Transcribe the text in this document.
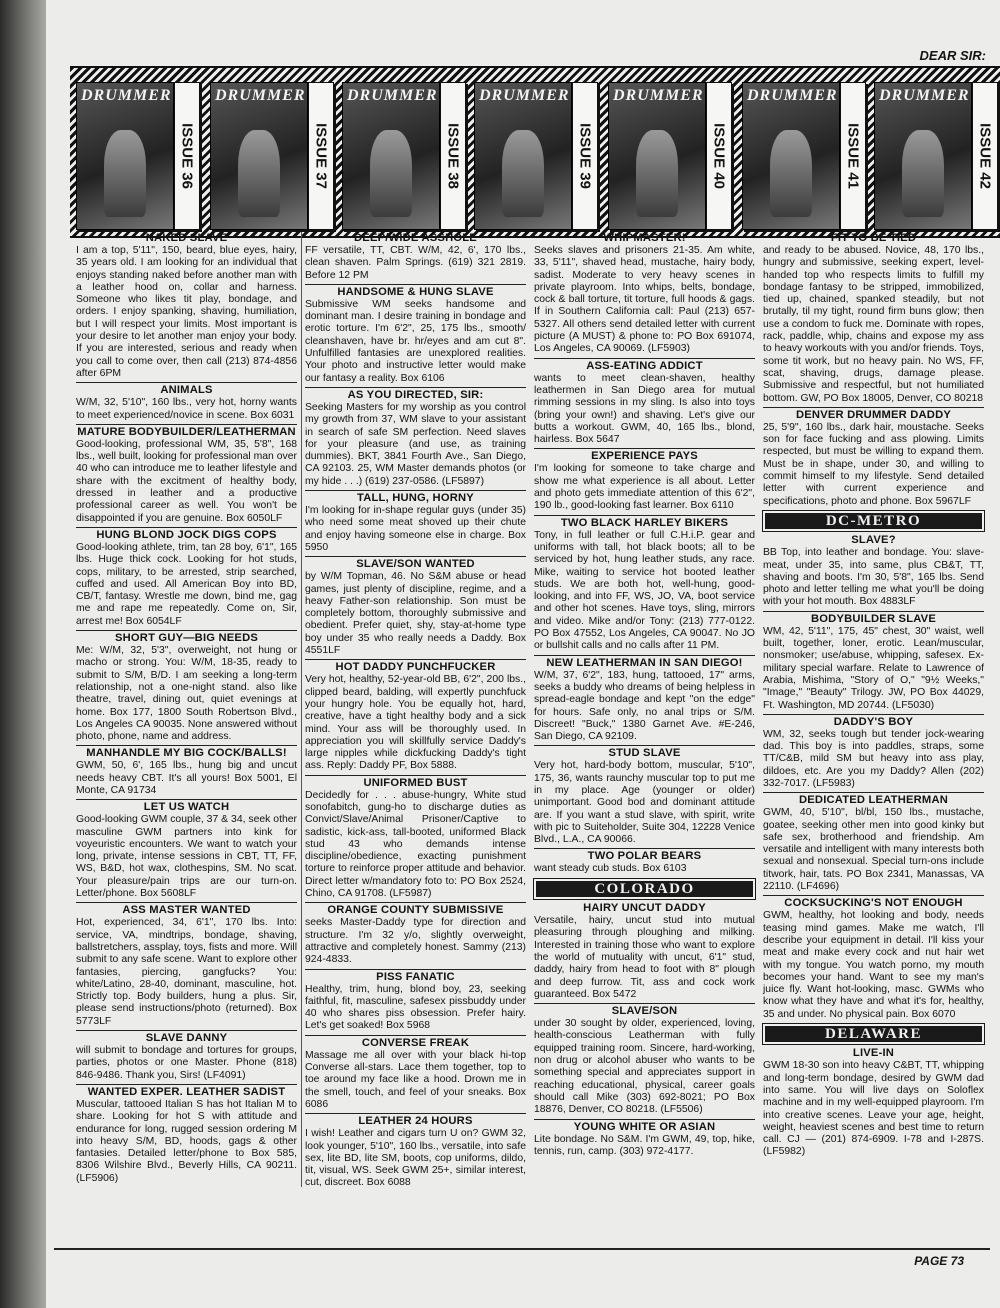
DEAR SIR:
DRUMMER
ISSUE 36
DRUMMER
ISSUE 37
DRUMMER
ISSUE 38
DRUMMER
ISSUE 39
DRUMMER
ISSUE 40
DRUMMER
ISSUE 41
DRUMMER
ISSUE 42
NAKED SLAVE

I am a top, 5'11", 150, beard, blue eyes, hairy, 35 years old. I am looking for an individual that enjoys standing naked before another man with a leather hood on, collar and harness. Someone who likes tit play, bondage, and orders. I enjoy spanking, shaving, humiliation, but I will respect your limits. Most important is your desire to let another man enjoy your body. If you are interested, serious and ready when you call to come over, then call (213) 874-4856 after 6PM

ANIMALS

W/M, 32, 5'10", 160 lbs., very hot, horny wants to meet experienced/novice in scene. Box 6031

MATURE BODYBUILDER/LEATHERMAN

Good-looking, professional WM, 35, 5'8", 168 lbs., well built, looking for professional man over 40 who can introduce me to leather lifestyle and share with the excitment of healthy body, dressed in leather and a productive professional career as well. You won't be disappointed if you are genuine. Box 6050LF

HUNG BLOND JOCK DIGS COPS

Good-looking athlete, trim, tan 28 boy, 6'1", 165 lbs. Huge thick cock. Looking for hot studs, cops, military, to be arrested, strip searched, cuffed and used. All American Boy into BD, CB/T, fantasy. Wrestle me down, bind me, gag me and rape me repeatedly. Come on, Sir, arrest me! Box 6054LF

SHORT GUY—BIG NEEDS

Me: W/M, 32, 5'3", overweight, not hung or macho or strong. You: W/M, 18-35, ready to submit to S/M, B/D. I am seeking a long-term relationship, not a one-night stand. also like theatre, travel, dining out, quiet evenings at home. Box 177, 1800 South Robertson Blvd., Los Angeles CA 90035. None answered without photo, phone, name and address.

MANHANDLE MY BIG COCK/BALLS!

GWM, 50, 6', 165 lbs., hung big and uncut needs heavy CBT. It's all yours! Box 5001, El Monte, CA 91734

LET US WATCH

Good-looking GWM couple, 37 & 34, seek other masculine GWM partners into kink for voyeuristic encounters. We want to watch your long, private, intense sessions in CBT, TT, FF, WS, B&D, hot wax, clothespins, SM. No scat. Your pleasure/pain trips are our turn-on. Letter/phone. Box 5608LF

ASS MASTER WANTED

Hot, experienced, 34, 6'1", 170 lbs. Into: service, VA, mindtrips, bondage, shaving, ballstretchers, assplay, toys, fists and more. Will submit to any safe scene. Want to explore other fantasies, piercing, gangfucks? You: white/Latino, 28-40, dominant, masculine, hot. Strictly top. Body builders, hung a plus. Sir, please send instructions/photo (returned). Box 5773LF

SLAVE DANNY

will submit to bondage and tortures for groups, parties, photos or one Master. Phone (818) 846-9486. Thank you, Sirs! (LF4091)

WANTED EXPER. LEATHER SADIST

Muscular, tattooed Italian S has hot Italian M to share. Looking for hot S with attitude and endurance for long, rugged session ordering M into heavy S/M, BD, hoods, gags & other fantasies. Detailed letter/phone to Box 585, 8306 Wilshire Blvd., Beverly Hills, CA 90211. (LF5906)

DEEP/WIDE ASSHOLE

FF versatile, TT, CBT. W/M, 42, 6', 170 lbs., clean shaven. Palm Springs. (619) 321 2819. Before 12 PM

HANDSOME & HUNG SLAVE

Submissive WM seeks handsome and dominant man. I desire training in bondage and erotic torture. I'm 6'2", 25, 175 lbs., smooth/ cleanshaven, have br. hr/eyes and am cut 8". Unfulfilled fantasies are unexplored realities. Your photo and instructive letter would make our fantasy a reality. Box 6106

AS YOU DIRECTED, SIR:

Seeking Masters for my worship as you control my growth from 37, WM slave to your assistant in search of safe SM perfection. Need slaves for your pleasure (and use, as training dummies). BKT, 3841 Fourth Ave., San Diego, CA 92103. 25, WM Master demands photos (or my hide . . .) (619) 237-0586. (LF5897)

TALL, HUNG, HORNY

I'm looking for in-shape regular guys (under 35) who need some meat shoved up their chute and enjoy having someone else in charge. Box 5950

SLAVE/SON WANTED

by W/M Topman, 46. No S&M abuse or head games, just plenty of discipline, regime, and a heavy Father-son relationship. Son must be completely bottom, thoroughly submissive and obedient. Prefer quiet, shy, stay-at-home type boy under 35 who really needs a Daddy. Box 4551LF

HOT DADDY PUNCHFUCKER

Very hot, healthy, 52-year-old BB, 6'2", 200 lbs., clipped beard, balding, will expertly punchfuck your hungry hole. You be equally hot, hard, creative, have a tight healthy body and a sick mind. Your ass will be thoroughly used. In appreciation you will skillfully service Daddy's large nipples while dickfucking Daddy's tight ass. Reply: Daddy PF, Box 5888.

UNIFORMED BUST

Decidedly for . . . abuse-hungry, White stud sonofabitch, gung-ho to discharge duties as Convict/Slave/Animal Prisoner/Captive to sadistic, kick-ass, tall-booted, uniformed Black stud 43 who demands intense discipline/obedience, exacting punishment torture to reinforce proper attitude and behavior. Direct letter w/mandatory foto to: PO Box 2524, Chino, CA 91708. (LF5987)

ORANGE COUNTY SUBMISSIVE

seeks Master-Daddy type for direction and structure. I'm 32 y/o, slightly overweight, attractive and completely honest. Sammy (213) 924-4833.

PISS FANATIC

Healthy, trim, hung, blond boy, 23, seeking faithful, fit, masculine, safesex pissbuddy under 40 who shares piss obsession. Prefer hairy. Let's get soaked! Box 5968

CONVERSE FREAK

Massage me all over with your black hi-top Converse all-stars. Lace them together, top to toe around my face like a hood. Drown me in the smell, touch, and feel of your sneaks. Box 6086

LEATHER 24 HOURS

I wish! Leather and cigars turn U on? GWM 32, look younger, 5'10", 160 lbs., versatile, into safe sex, lite BD, lite SM, boots, cop uniforms, dildo, tit, visual, WS. Seek GWM 25+, similar interest, cut, discreet. Box 6088

WHIPMASTER!

Seeks slaves and prisoners 21-35. Am white, 33, 5'11", shaved head, mustache, hairy body, sadist. Moderate to very heavy scenes in private playroom. Into whips, belts, bondage, cock & ball torture, tit torture, full hoods & gags. If in Southern California call: Paul (213) 657-5327. All others send detailed letter with current picture (A MUST) & phone to: PO Box 691074, Los Angeles, CA 90069. (LF5903)

ASS-EATING ADDICT

wants to meet clean-shaven, healthy leathermen in San Diego area for mutual rimming sessions in my sling. Is also into toys (bring your own!) and shaving. Let's give our butts a workout. GWM, 40, 165 lbs., blond, hairless. Box 5647

EXPERIENCE PAYS

I'm looking for someone to take charge and show me what experience is all about. Letter and photo gets immediate attention of this 6'2", 190 lb., good-looking fast learner. Box 6110

TWO BLACK HARLEY BIKERS

Tony, in full leather or full C.H.i.P. gear and uniforms with tall, hot black boots; all to be serviced by hot, hung leather studs, any race. Mike, waiting to service hot booted leather studs. We are both hot, well-hung, good-looking, and into FF, WS, JO, VA, boot service and other hot scenes. Have toys, sling, mirrors and video. Mike and/or Tony: (213) 777-0122. PO Box 47552, Los Angeles, CA 90047. No JO or bullshit calls and no calls after 11 PM.

NEW LEATHERMAN IN SAN DIEGO!

W/M, 37, 6'2", 183, hung, tattooed, 17" arms, seeks a buddy who dreams of being helpless in spread-eagle bondage and kept "on the edge" for hours. Safe only, no anal trips or S/M. Discreet! "Buck," 1380 Garnet Ave. #E-246, San Diego, CA 92109.

STUD SLAVE

Very hot, hard-body bottom, muscular, 5'10", 175, 36, wants raunchy muscular top to put me in my place. Age (younger or older) unimportant. Good bod and dominant attitude are. If you want a stud slave, with spirit, write with pic to Suiteholder, Suite 304, 12228 Venice Blvd., L.A., CA 90066.

TWO POLAR BEARS

want steady cub studs. Box 6103

COLORADO
HAIRY UNCUT DADDY

Versatile, hairy, uncut stud into mutual pleasuring through ploughing and milking. Interested in training those who want to explore the world of mutuality with uncut, 6'1" stud, daddy, hairy from head to foot with 8" plough and deep furrow. Tit, ass and cock work guaranteed. Box 5472

SLAVE/SON

under 30 sought by older, experienced, loving, health-conscious Leatherman with fully equipped training room. Sincere, hard-working, non drug or alcohol abuser who wants to be something special and appreciates support in reaching educational, physical, career goals should call Mike (303) 692-8021; PO Box 18876, Denver, CO 80218. (LF5506)

YOUNG WHITE OR ASIAN

Lite bondage. No S&M. I'm GWM, 49, top, hike, tennis, run, camp. (303) 972-4177.

FIT TO BE TIED

and ready to be abused. Novice, 48, 170 lbs., hungry and submissive, seeking expert, level-handed top who respects limits to fulfill my bondage fantasy to be stripped, immobilized, tied up, chained, spanked steadily, but not brutally, til my tight, round firm buns glow; then use a condom to fuck me. Dominate with ropes, rack, paddle, whip, chains and expose my ass to heavy workouts with you and/or friends. Toys, some tit work, but no heavy pain. No WS, FF, scat, shaving, drugs, damage please. Submissive and respectful, but not humiliated bottom. GW, PO Box 18005, Denver, CO 80218

DENVER DRUMMER DADDY

25, 5'9", 160 lbs., dark hair, moustache. Seeks son for face fucking and ass plowing. Limits respected, but must be willing to expand them. Must be in shape, under 30, and willing to commit himself to my lifestyle. Send detailed letter with current experience and specifications, photo and phone. Box 5967LF

DC-METRO
SLAVE?

BB Top, into leather and bondage. You: slave-meat, under 35, into same, plus CB&T, TT, shaving and boots. I'm 30, 5'8", 165 lbs. Send photo and letter telling me what you'll be doing with your hot mouth. Box 4883LF

BODYBUILDER SLAVE

WM, 42, 5'11", 175, 45" chest, 30" waist, well built, together, loner, erotic. Lean/muscular, nonsmoker; use/abuse, whipping, safesex. Ex-military special warfare. Relate to Lawrence of Arabia, Mishima, "Story of O," "9½ Weeks," "Image," "Beauty" Trilogy. JW, PO Box 44029, Ft. Washington, MD 20744. (LF5030)

DADDY'S BOY

WM, 32, seeks tough but tender jock-wearing dad. This boy is into paddles, straps, some TT/C&B, mild SM but heavy into ass play, dildoes, etc. Are you my Daddy? Allen (202) 332-7017. (LF5983)

DEDICATED LEATHERMAN

GWM, 40, 5'10", bl/bl, 150 lbs., mustache, goatee, seeking other men into good kinky but safe sex, brotherhood and friendship. Am versatile and intelligent with many interests both sexual and nonsexual. Special turn-ons include titwork, hair, tats. PO Box 2341, Manassas, VA 22110. (LF4696)

COCKSUCKING'S NOT ENOUGH

GWM, healthy, hot looking and body, needs teasing mind games. Make me watch, I'll describe your equipment in detail. I'll kiss your meat and make every cock and nut hair wet with my tongue. You watch porno, my mouth becomes your hand. Want to see my man's juice fly. Want hot-looking, masc. GWMs who know what they have and what it's for, healthy, 35 and under. No physical pain. Box 6070

DELAWARE
LIVE-IN

GWM 18-30 son into heavy C&BT, TT, whipping and long-term bondage, desired by GWM dad into same. You will live days on Soloflex machine and in my well-equipped playroom. I'm into creative scenes. Leave your age, height, weight, heaviest scenes and best time to return call. CJ — (201) 874-6909. I-78 and I-287S. (LF5982)

PAGE 73
